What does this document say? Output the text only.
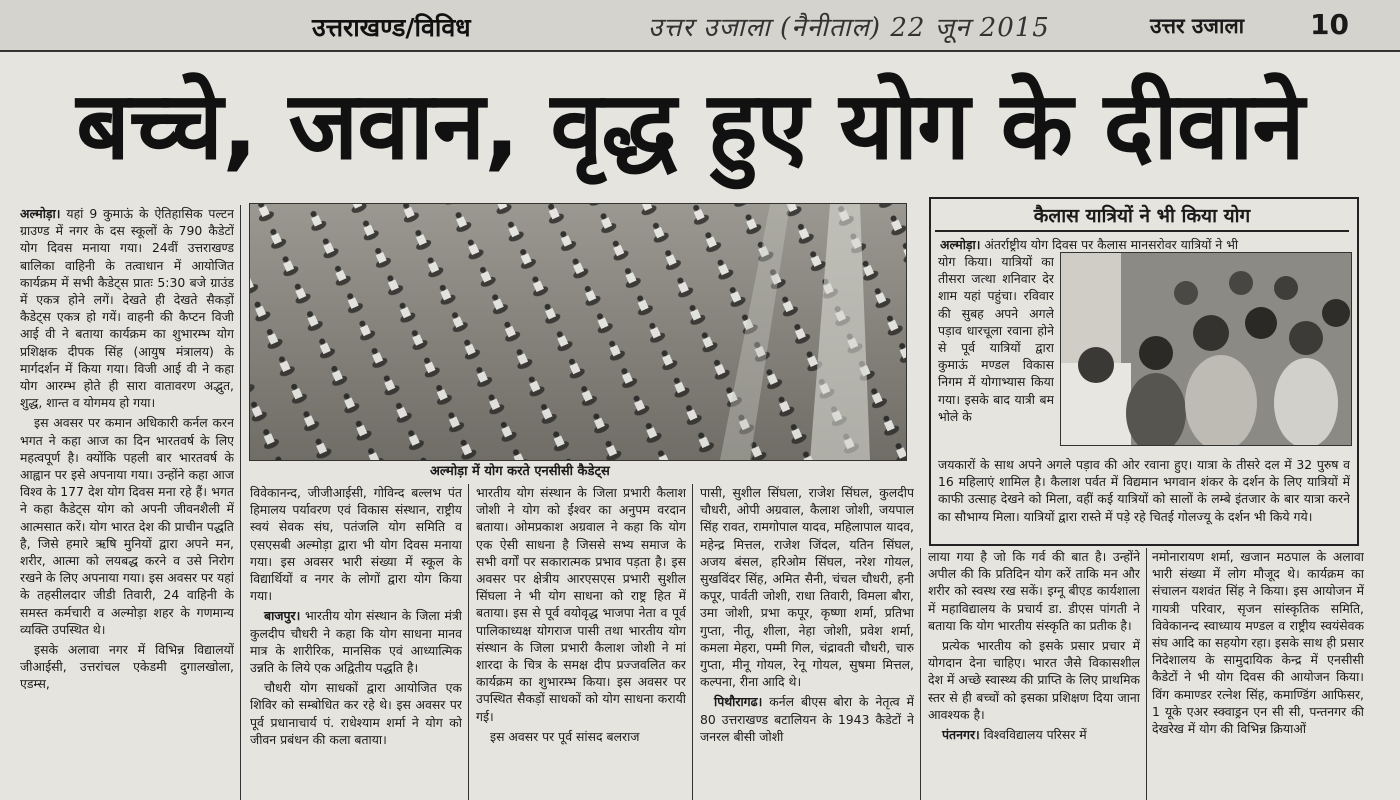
उत्तराखण्ड/विविध	उत्तर उजाला (नैनीताल) 22 जून 2015	उत्तर उजाला 10
बच्चे, जवान, वृद्ध हुए योग के दीवाने

अल्मोड़ा। यहां 9 कुमाऊं के ऐतिहासिक पल्टन ग्राउण्ड में नगर के दस स्कूलों के 790 कैडेटों योग दिवस मनाया गया। 24वीं उत्तराखण्ड बालिका वाहिनी के तत्वाधान में आयोजित कार्यक्रम में सभी कैडेट्स प्रातः 5:30 बजे ग्राउंड में एकत्र होने लगें। देखते ही देखते सैकड़ों कैडेट्स एकत्र हो गयें। वाहनी की कैप्टन विजी आई वी ने बताया कार्यक्रम का शुभारम्भ योग प्रशिक्षक दीपक सिंह (आयुष मंत्रालय) के मार्गदर्शन में किया गया। विजी आई वी ने कहा योग आरम्भ होते ही सारा वातावरण अद्भुत, शुद्ध, शान्त व योगमय हो गया।

इस अवसर पर कमान अधिकारी कर्नल करन भगत ने कहा आज का दिन भारतवर्ष के लिए महत्वपूर्ण है। क्योंकि पहली बार भारतवर्ष के आह्वान पर इसे अपनाया गया। उन्होंने कहा आज विश्व के 177 देश योग दिवस मना रहे हैं। भगत ने कहा कैडेट्स योग को अपनी जीवनशैली में आत्मसात करें। योग भारत देश की प्राचीन पद्धति है, जिसे हमारे ऋषि मुनियों द्वारा अपने मन, शरीर, आत्मा को लयबद्ध करने व उसे निरोग रखने के लिए अपनाया गया। इस अवसर पर यहां के तहसीलदार जीडी तिवारी, 24 वाहिनी के समस्त कर्मचारी व अल्मोड़ा शहर के गणमान्य व्यक्ति उपस्थित थे।

इसके अलावा नगर में विभिन्न विद्यालयों जीआईसी, उत्तरांचल एकेडमी दुगालखोला, एडम्स,

अल्मोड़ा में योग करते एनसीसी कैडेट्स
कैलास यात्रियों ने भी किया योग

अल्मोड़ा। अंतर्राष्ट्रीय योग दिवस पर कैलास मानसरोवर यात्रियों ने भी

योग किया। यात्रियों का तीसरा जत्था शनिवार देर शाम यहां पहुंचा। रविवार की सुबह अपने अगले पड़ाव धारचूला रवाना होने से पूर्व यात्रियों द्वारा कुमाऊं मण्डल विकास निगम में योगाभ्यास किया गया। इसके बाद यात्री बम भोले के

जयकारों के साथ अपने अगले पड़ाव की ओर रवाना हुए। यात्रा के तीसरे दल में 32 पुरुष व 16 महिलाएं शामिल है। कैलाश पर्वत में विद्यमान भगवान शंकर के दर्शन के लिए यात्रियों में काफी उत्साह देखने को मिला, वहीं कई यात्रियों को सालों के लम्बे इंतजार के बार यात्रा करने का सौभाग्य मिला। यात्रियों द्वारा रास्ते में पड़े रहे चितई गोलज्यू के दर्शन भी किये गये।

विवेकानन्द, जीजीआईसी, गोविन्द बल्लभ पंत हिमालय पर्यावरण एवं विकास संस्थान, राष्ट्रीय स्वयं सेवक संघ, पतंजलि योग समिति व एसएसबी अल्मोड़ा द्वारा भी योग दिवस मनाया गया। इस अवसर भारी संख्या में स्कूल के विद्यार्थियों व नगर के लोगों द्वारा योग किया गया।

बाजपुर। भारतीय योग संस्थान के जिला मंत्री कुलदीप चौधरी ने कहा कि योग साधना मानव मात्र के शारीरिक, मानसिक एवं आध्यात्मिक उन्नति के लिये एक अद्वितीय पद्धति है।

चौधरी योग साधकों द्वारा आयोजित एक शिविर को सम्बोधित कर रहे थे। इस अवसर पर पूर्व प्रधानाचार्य पं. राधेश्याम शर्मा ने योग को जीवन प्रबंधन की कला बताया।

भारतीय योग संस्थान के जिला प्रभारी कैलाश जोशी ने योग को ईश्वर का अनुपम वरदान बताया। ओमप्रकाश अग्रवाल ने कहा कि योग एक ऐसी साधना है जिससे सभ्य समाज के सभी वर्गों पर सकारात्मक प्रभाव पड़ता है। इस अवसर पर क्षेत्रीय आरएसएस प्रभारी सुशील सिंघला ने भी योग साधना को राष्ट्र हित में बताया। इस से पूर्व वयोवृद्ध भाजपा नेता व पूर्व पालिकाध्यक्ष योगराज पासी तथा भारतीय योग संस्थान के जिला प्रभारी कैलाश जोशी ने मां शारदा के चित्र के समक्ष दीप प्रज्जवलित कर कार्यक्रम का शुभारम्भ किया। इस अवसर पर उपस्थित सैकड़ों साधकों को योग साधना करायी गई।

इस अवसर पर पूर्व सांसद बलराज

पासी, सुशील सिंघला, राजेश सिंघल, कुलदीप चौधरी, ओपी अग्रवाल, कैलाश जोशी, जयपाल सिंह रावत, रामगोपाल यादव, महिलापाल यादव, महेन्द्र मित्तल, राजेश जिंदल, यतिन सिंघल, अजय बंसल, हरिओम सिंघल, नरेश गोयल, सुखविंदर सिंह, अमित सैनी, चंचल चौधरी, हनी कपूर, पार्वती जोशी, राधा तिवारी, विमला बौरा, उमा जोशी, प्रभा कपूर, कृष्णा शर्मा, प्रतिभा गुप्ता, नीतू, शीला, नेहा जोशी, प्रवेश शर्मा, कमला मेहरा, पम्मी गिल, चंद्रावती चौधरी, चारु गुप्ता, मीनू गोयल, रेनू गोयल, सुषमा मित्तल, कल्पना, रीना आदि थे।

पिथौरागढ। कर्नल बीएस बोरा के नेतृत्व में 80 उत्तराखण्ड बटालियन के 1943 कैडेटों ने जनरल बीसी जोशी

लाया गया है जो कि गर्व की बात है। उन्होंने अपील की कि प्रतिदिन योग करें ताकि मन और शरीर को स्वस्थ रख सकें। इग्नू बीएड कार्यशाला में महाविद्यालय के प्रचार्य डा. डीएस पांगती ने बताया कि योग भारतीय संस्कृति का प्रतीक है।

प्रत्येक भारतीय को इसके प्रसार प्रचार में योगदान देना चाहिए। भारत जैसे विकासशील देश में अच्छे स्वास्थ्य की प्राप्ति के लिए प्राथमिक स्तर से ही बच्चों को इसका प्रशिक्षण दिया जाना आवश्यक है।

पंतनगर। विश्वविद्यालय परिसर में

नमोनारायण शर्मा, खजान मठपाल के अलावा भारी संख्या में लोग मौजूद थे। कार्यक्रम का संचालन यशवंत सिंह ने किया। इस आयोजन में गायत्री परिवार, सृजन सांस्कृतिक समिति, विवेकानन्द स्वाध्याय मण्डल व राष्ट्रीय स्वयंसेवक संघ आदि का सहयोग रहा। इसके साथ ही प्रसार निदेशालय के सामुदायिक केन्द्र में एनसीसी कैडेटों ने भी योग दिवस की आयोजन किया। विंग कमाण्डर रत्नेश सिंह, कमाण्डिंग आफिसर, 1 यूके एअर स्क्वाड्रन एन सी सी, पन्तनगर की देखरेख में योग की विभिन्न क्रियाओं
